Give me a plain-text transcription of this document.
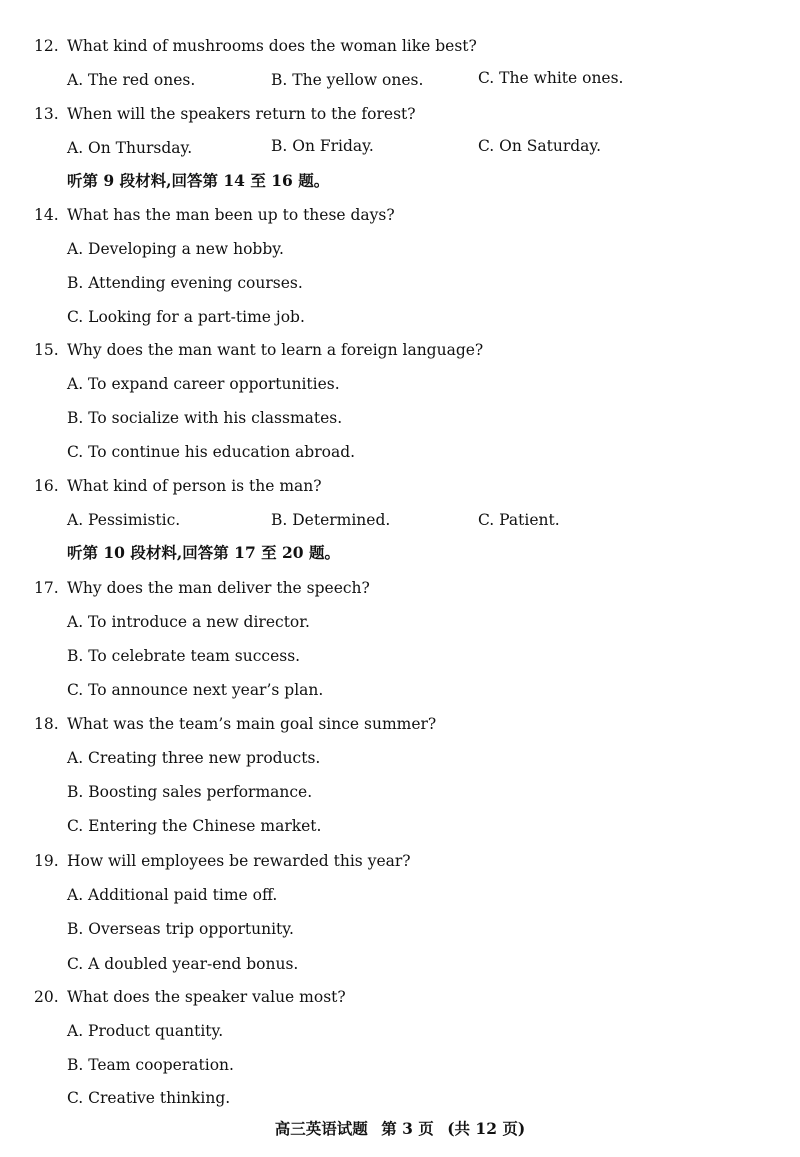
12. What kind of mushrooms does the woman like best?
A. The red ones.	B. The yellow ones.	C. The white ones.
13. When will the speakers return to the forest?
A. On Thursday.	B. On Friday.	C. On Saturday.
听第 9 段材料,回答第 14 至 16 题。
14. What has the man been up to these days?
A. Developing a new hobby.
B. Attending evening courses.
C. Looking for a part-time job.
15. Why does the man want to learn a foreign language?
A. To expand career opportunities.
B. To socialize with his classmates.
C. To continue his education abroad.
16. What kind of person is the man?
A. Pessimistic.	B. Determined.	C. Patient.
听第 10 段材料,回答第 17 至 20 题。
17. Why does the man deliver the speech?
A. To introduce a new director.
B. To celebrate team success.
C. To announce next year’s plan.
18. What was the team’s main goal since summer?
A. Creating three new products.
B. Boosting sales performance.
C. Entering the Chinese market.
19. How will employees be rewarded this year?
A. Additional paid time off.
B. Overseas trip opportunity.
C. A doubled year-end bonus.
20. What does the speaker value most?
A. Product quantity.
B. Team cooperation.
C. Creative thinking.
高三英语试题 第 3 页 (共 12 页)
